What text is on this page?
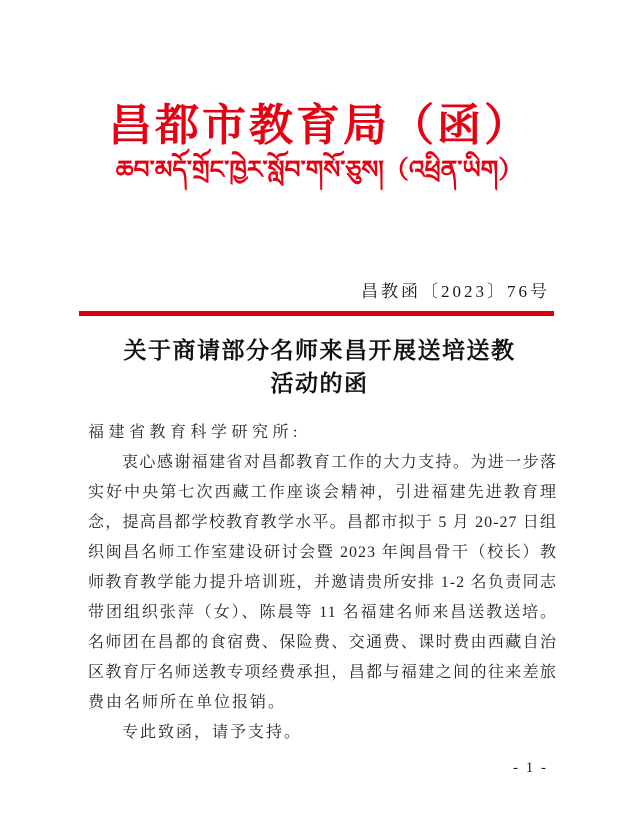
昌都市教育局（函）
ཆབ་མདོ་གྲོང་ཁྱེར་སློབ་གསོ་ཅུས།（འཕྲིན་ཡིག）
昌教函〔2023〕76号
关于商请部分名师来昌开展送培送教
活动的函
福建省教育科学研究所:
衷心感谢福建省对昌都教育工作的大力支持。为进一步落
实好中央第七次西藏工作座谈会精神，引进福建先进教育理
念，提高昌都学校教育教学水平。昌都市拟于 5 月 20-27 日组
织闽昌名师工作室建设研讨会暨 2023 年闽昌骨干（校长）教
师教育教学能力提升培训班，并邀请贵所安排 1-2 名负责同志
带团组织张萍（女）、陈晨等 11 名福建名师来昌送教送培。
名师团在昌都的食宿费、保险费、交通费、课时费由西藏自治
区教育厅名师送教专项经费承担，昌都与福建之间的往来差旅
费由名师所在单位报销。
专此致函，请予支持。
- 1 -
